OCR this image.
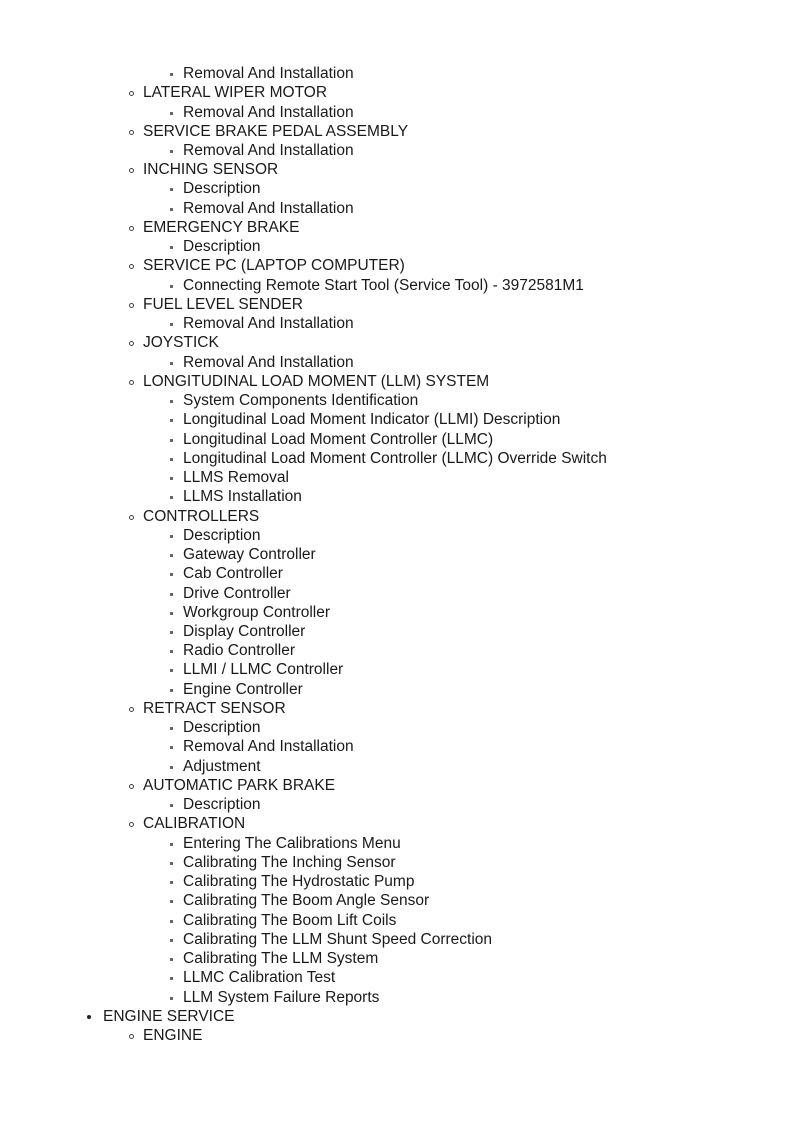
Removal And Installation
LATERAL WIPER MOTOR
Removal And Installation
SERVICE BRAKE PEDAL ASSEMBLY
Removal And Installation
INCHING SENSOR
Description
Removal And Installation
EMERGENCY BRAKE
Description
SERVICE PC (LAPTOP COMPUTER)
Connecting Remote Start Tool (Service Tool) - 3972581M1
FUEL LEVEL SENDER
Removal And Installation
JOYSTICK
Removal And Installation
LONGITUDINAL LOAD MOMENT (LLM) SYSTEM
System Components Identification
Longitudinal Load Moment Indicator (LLMI) Description
Longitudinal Load Moment Controller (LLMC)
Longitudinal Load Moment Controller (LLMC) Override Switch
LLMS Removal
LLMS Installation
CONTROLLERS
Description
Gateway Controller
Cab Controller
Drive Controller
Workgroup Controller
Display Controller
Radio Controller
LLMI / LLMC Controller
Engine Controller
RETRACT SENSOR
Description
Removal And Installation
Adjustment
AUTOMATIC PARK BRAKE
Description
CALIBRATION
Entering The Calibrations Menu
Calibrating The Inching Sensor
Calibrating The Hydrostatic Pump
Calibrating The Boom Angle Sensor
Calibrating The Boom Lift Coils
Calibrating The LLM Shunt Speed Correction
Calibrating The LLM System
LLMC Calibration Test
LLM System Failure Reports
ENGINE SERVICE
ENGINE
